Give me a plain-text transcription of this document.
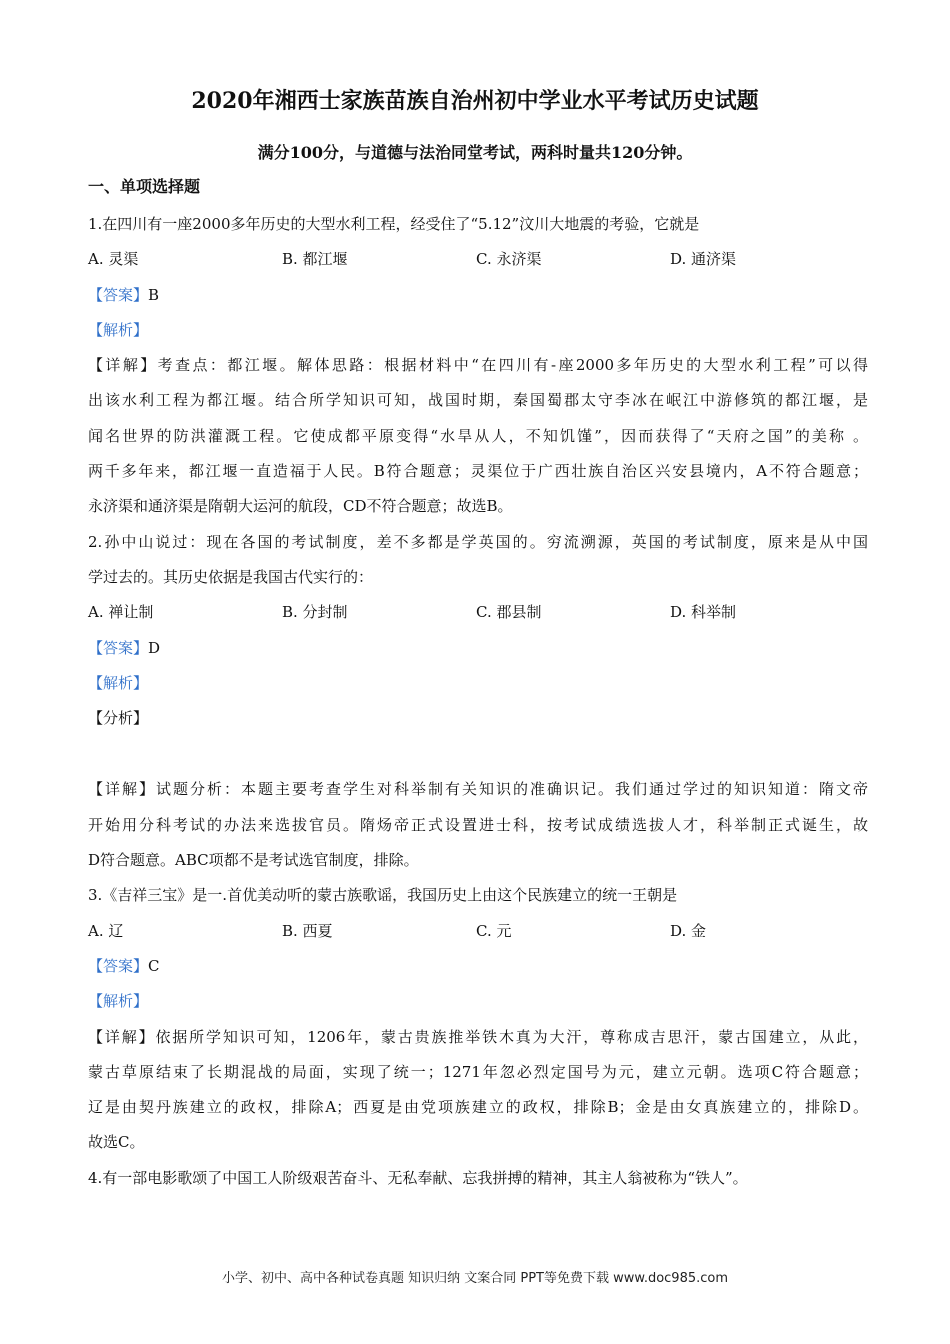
2020年湘西士家族苗族自治州初中学业水平考试历史试题
满分100分，与道德与法治同堂考试，两科时量共120分钟。
一、单项选择题
1.在四川有一座2000多年历史的大型水利工程，经受住了“5.12”汶川大地震的考验，它就是
A. 灵渠	B. 都江堰	C. 永济渠	D. 通济渠
【答案】B
【解析】
【详解】考查点：都江堰。解体思路：根据材料中“在四川有-座2000多年历史的大型水利工程”可以得
出该水利工程为都江堰。结合所学知识可知，战国时期，秦国蜀郡太守李冰在岷江中游修筑的都江堰，是
闻名世界的防洪灌溉工程。它使成都平原变得“水旱从人，不知饥馑”，因而获得了“天府之国”的美称 。
两千多年来，都江堰一直造福于人民。B符合题意；灵渠位于广西壮族自治区兴安县境内，A不符合题意；
永济渠和通济渠是隋朝大运河的航段，CD不符合题意；故选B。
2.孙中山说过：现在各国的考试制度，差不多都是学英国的。穷流溯源，英国的考试制度，原来是从中国
学过去的。其历史依据是我国古代实行的：
A. 禅让制	B. 分封制	C. 郡县制	D. 科举制
【答案】D
【解析】
【分析】
【详解】试题分析：本题主要考查学生对科举制有关知识的准确识记。我们通过学过的知识知道：隋文帝
开始用分科考试的办法来选拔官员。隋炀帝正式设置进士科，按考试成绩选拔人才，科举制正式诞生，故
D符合题意。ABC项都不是考试选官制度，排除。
3.《吉祥三宝》是一.首优美动听的蒙古族歌谣，我国历史上由这个民族建立的统一王朝是
A. 辽	B. 西夏	C. 元	D. 金
【答案】C
【解析】
【详解】依据所学知识可知，1206年，蒙古贵族推举铁木真为大汗，尊称成吉思汗，蒙古国建立，从此，
蒙古草原结束了长期混战的局面，实现了统一；1271年忽必烈定国号为元，建立元朝。选项C符合题意；
辽是由契丹族建立的政权，排除A；西夏是由党项族建立的政权，排除B；金是由女真族建立的，排除D。
故选C。
4.有一部电影歌颂了中国工人阶级艰苦奋斗、无私奉献、忘我拼搏的精神，其主人翁被称为“铁人”。
小学、初中、高中各种试卷真题 知识归纳 文案合同 PPT等免费下载 www.doc985.com
